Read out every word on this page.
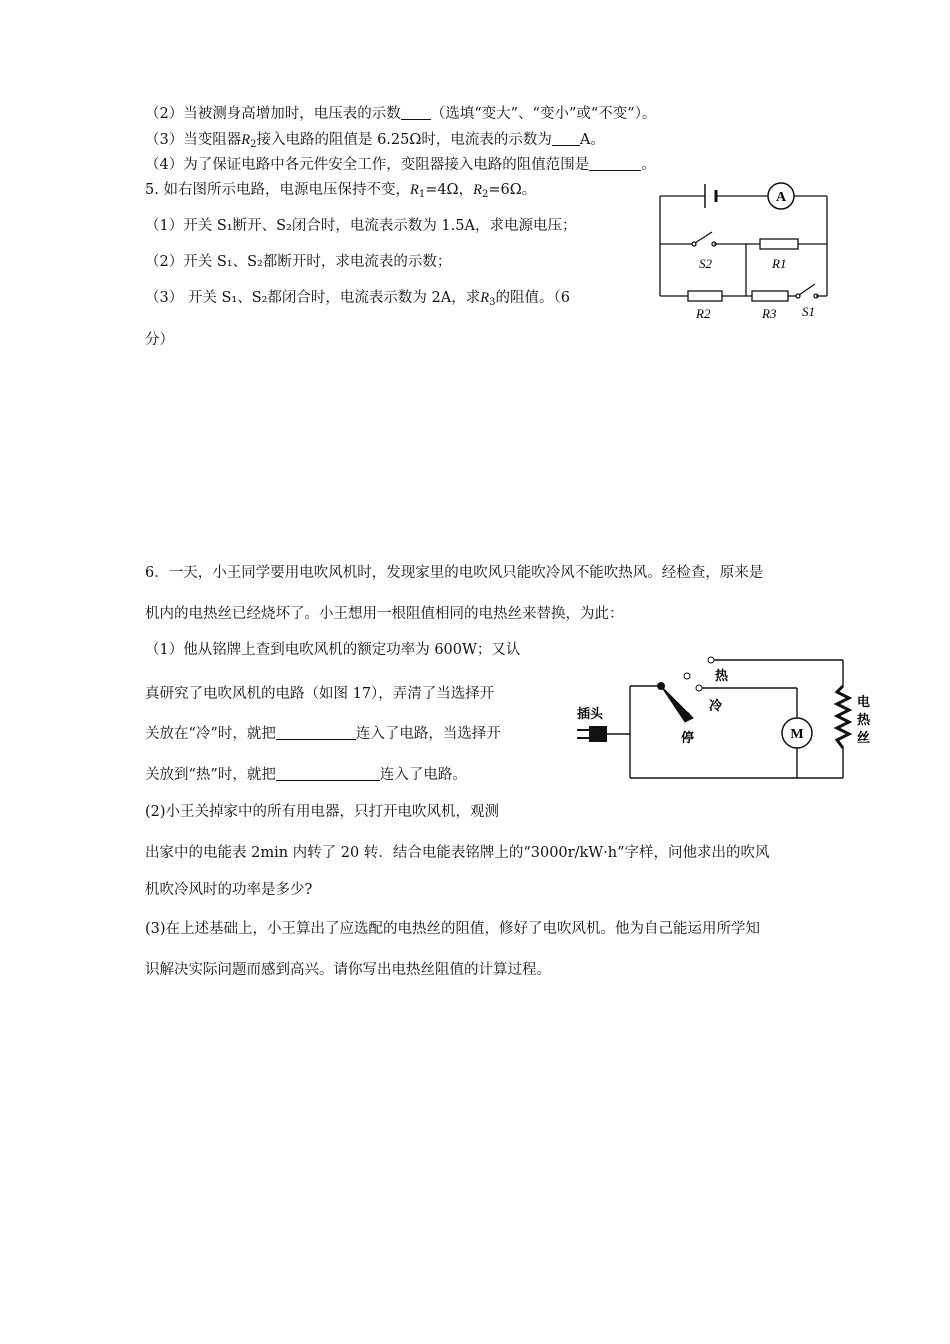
（2）当被测身高增加时，电压表的示数 （选填“变大”、“变小”或“不变”）。
（3）当变阻器$R_2$接入电路的阻值是 6.25Ω时，电流表的示数为 A。
（4）为了保证电路中各元件安全工作，变阻器接入电路的阻值范围是	。
5. 如右图所示电路，电源电压保持不变，$R_1=4\Omega$，$R_2=6\Omega$。
（1）开关 S₁断开、S₂闭合时，电流表示数为 1.5A，求电源电压；
（2）开关 S₁、S₂都断开时，求电流表的示数；
（3） 开关 S₁、S₂都闭合时，电流表示数为 2A，求$R_3$的阻值。（6
分）
A
S2	R1
R2	R3 S1
6．一天，小王同学要用电吹风机时，发现家里的电吹风只能吹冷风不能吹热风。经检查，原来是
机内的电热丝已经烧坏了。小王想用一根阻值相同的电热丝来替换，为此：
（1）他从铭牌上查到电吹风机的额定功率为 600W；又认
真研究了电吹风机的电路（如图 17），弄清了当选择开
关放在“冷”时，就把	连入了电路，当选择开
关放到“热”时，就把	连入了电路。
(2)小王关掉家中的所有用电器，只打开电吹风机，观测
出家中的电能表 2min 内转了 20 转．结合电能表铭牌上的“3000r/kW·h”字样，问他求出的吹风
机吹冷风时的功率是多少?
(3)在上述基础上，小王算出了应选配的电热丝的阻值，修好了电吹风机。他为自己能运用所学知
识解决实际问题而感到高兴。请你写出电热丝阻值的计算过程。
M
插头
热
冷
停
电
热
丝
